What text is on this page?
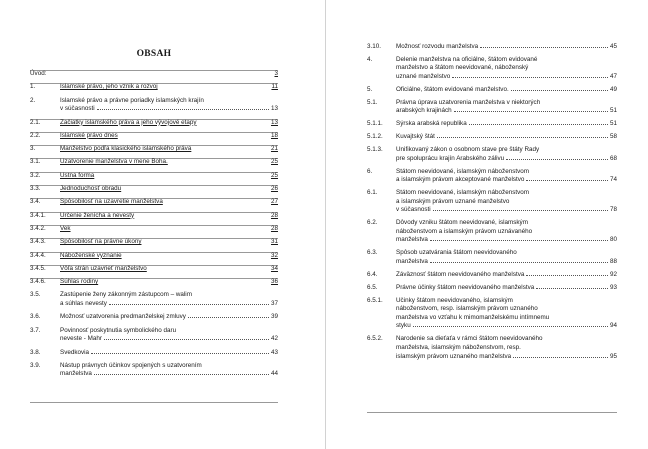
OBSAH
Úvod:	3
1.	Islamské právo, jeho vznik a rozvoj	11
2.	Islamské právo a právne poriadky islamských krajín
v súčasnosti	13
2.1.	Začiatky islamského práva a jeho vývojové etapy	13
2.2.	Islamské právo dnes	18
3.	Manželstvo podľa klasického islamského práva	21
3.1.	Uzatvorenie manželstva v mene Boha.	25
3.2.	Ústna forma	25
3.3.	Jednoduchosť obradu	26
3.4.	Spôsobilosť na uzavretie manželstva	27
3.4.1. Určenie ženícha a nevesty	28
3.4.2. Vek	28
3.4.3. Spôsobilosť na právne úkony	31
3.4.4. Náboženské vyznanie	32
3.4.5. Vôľa strán uzavrieť manželstvo	34
3.4.6. Súhlas rodiny	36
3.5.	Zastúpenie ženy zákonným zástupcom – walim
a súhlas nevesty	37
3.6.	Možnosť uzatvorenia predmanželskej zmluvy	39
3.7.	Povinnosť poskytnutia symbolického daru
neveste - Mahr	42
3.8.	Svedkovia	43
3.9.	Nástup právnych účinkov spojených s uzatvorením
manželstva	44
3.10. Možnosť rozvodu manželstva	45
4.	Delenie manželstva na oficiálne, štátom evidované
manželstvo a štátom neevidované, náboženský
uznané manželstvo	47
5.	Oficiálne, štátom evidované manželstvo.	49
5.1.	Právna úprava uzatvorenia manželstva v niektorých
arabských krajinách	51
5.1.1. Sýrska arabská republika	51
5.1.2. Kuvajtský štát	58
5.1.3. Unifikovaný zákon o osobnom stave pre štáty Rady
pre spoluprácu krajín Arabského zálivu	68
6.	Štátom neevidované, islamským náboženstvom
a islamským právom akceptované manželstvo	74
6.1.	Štátom neevidované, islamským náboženstvom
a islamským právom uznané manželstvo
v súčasnosti	78
6.2.	Dôvody vzniku štátom neevidované, islamským
náboženstvom a islamským právom uznávaného
manželstva	80
6.3.	Spôsob uzatvárania štátom neevidovaného
manželstva	88
6.4.	Záväznosť štátom neevidovaného manželstva	92
6.5.	Právne účinky štátom neevidovaného manželstva	93
6.5.1. Účinky štátom neevidovaného, islamským
náboženstvom, resp. islamským právom uznaného
manželstva vo vzťahu k mimomanželskému intímnemu
styku	94
6.5.2. Narodenie sa dieťaťa v rámci štátom neevidovaného
manželstva, islamským náboženstvom, resp.
islamským právom uznaného manželstva	95
